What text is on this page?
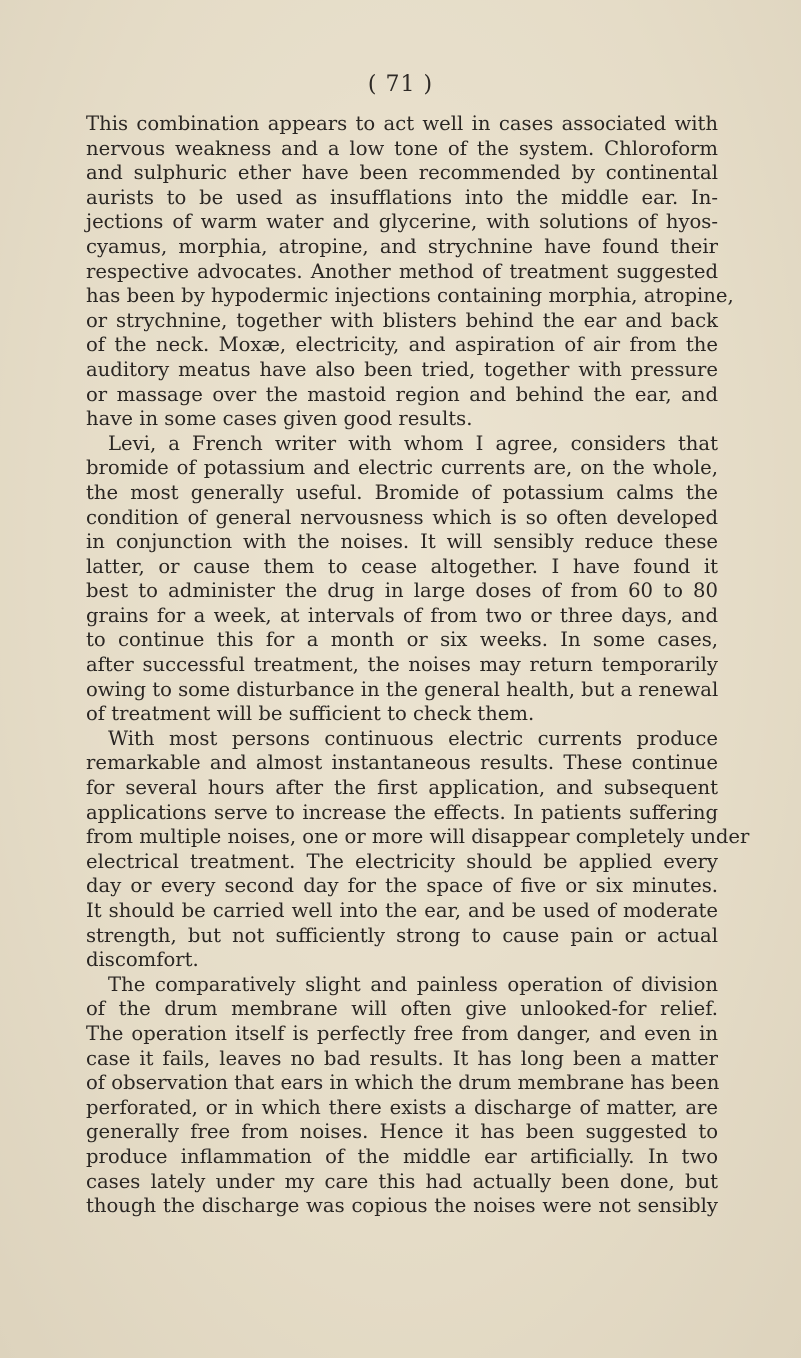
( 71 )
This combination appears to act well in cases associated with
nervous weakness and a low tone of the system. Chloroform
and sulphuric ether have been recommended by continental
aurists to be used as insufflations into the middle ear. In-
jections of warm water and glycerine, with solutions of hyos-
cyamus, morphia, atropine, and strychnine have found their
respective advocates. Another method of treatment suggested
has been by hypodermic injections containing morphia, atropine,
or strychnine, together with blisters behind the ear and back
of the neck. Moxæ, electricity, and aspiration of air from the
auditory meatus have also been tried, together with pressure
or massage over the mastoid region and behind the ear, and
have in some cases given good results.
Levi, a French writer with whom I agree, considers that
bromide of potassium and electric currents are, on the whole,
the most generally useful. Bromide of potassium calms the
condition of general nervousness which is so often developed
in conjunction with the noises. It will sensibly reduce these
latter, or cause them to cease altogether. I have found it
best to administer the drug in large doses of from 60 to 80
grains for a week, at intervals of from two or three days, and
to continue this for a month or six weeks. In some cases,
after successful treatment, the noises may return temporarily
owing to some disturbance in the general health, but a renewal
of treatment will be sufficient to check them.
With most persons continuous electric currents produce
remarkable and almost instantaneous results. These continue
for several hours after the first application, and subsequent
applications serve to increase the effects. In patients suffering
from multiple noises, one or more will disappear completely under
electrical treatment. The electricity should be applied every
day or every second day for the space of five or six minutes.
It should be carried well into the ear, and be used of moderate
strength, but not sufficiently strong to cause pain or actual
discomfort.
The comparatively slight and painless operation of division
of the drum membrane will often give unlooked-for relief.
The operation itself is perfectly free from danger, and even in
case it fails, leaves no bad results. It has long been a matter
of observation that ears in which the drum membrane has been
perforated, or in which there exists a discharge of matter, are
generally free from noises. Hence it has been suggested to
produce inflammation of the middle ear artificially. In two
cases lately under my care this had actually been done, but
though the discharge was copious the noises were not sensibly
